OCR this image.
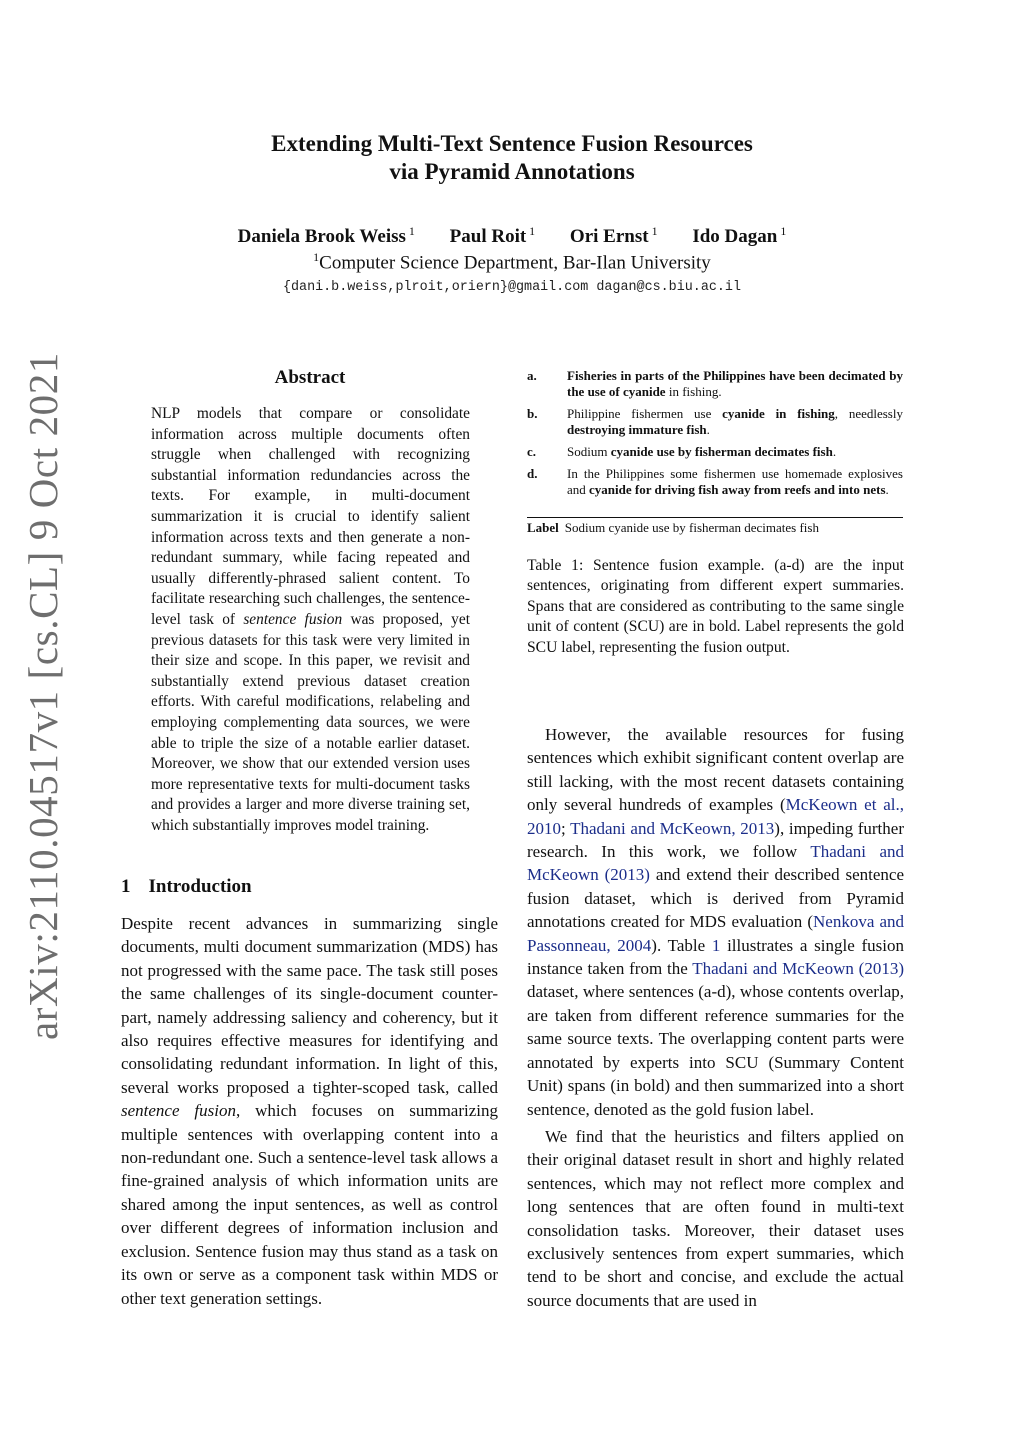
Extending Multi-Text Sentence Fusion Resources
via Pyramid Annotations
Daniela Brook Weiss $^1$ Paul Roit $^1$ Ori Ernst $^1$ Ido Dagan $^1$
$^1$Computer Science Department, Bar-Ilan University
{dani.b.weiss,plroit,oriern}@gmail.com dagan@cs.biu.ac.il
arXiv:2110.04517v1 [cs.CL] 9 Oct 2021	Abstract
NLP models that compare or consolidate information across multiple documents often struggle when challenged with recognizing substantial information redundancies across the texts. For example, in multi-document summarization it is crucial to identify salient information across texts and then generate a non-redundant summary, while facing repeated and usually differently-phrased salient content. To facilitate researching such challenges, the sentence-level task of sentence fusion was proposed, yet previous datasets for this task were very limited in their size and scope. In this paper, we revisit and substantially extend previous dataset creation efforts. With careful modifications, relabeling and employing complementing data sources, we were able to triple the size of a notable earlier dataset. Moreover, we show that our extended version uses more representative texts for multi-document tasks and provides a larger and more diverse training set, which substantially improves model training.
1 Introduction
Despite recent advances in summarizing single documents, multi document summarization (MDS) has not progressed with the same pace. The task still poses the same challenges of its single-document counter-part, namely addressing saliency and coherency, but it also requires effective measures for identifying and consolidating redundant information. In light of this, several works proposed a tighter-scoped task, called sentence fusion, which focuses on summarizing multiple sentences with overlapping content into a non-redundant one. Such a sentence-level task allows a fine-grained analysis of which information units are shared among the input sentences, as well as control over different degrees of information inclusion and exclusion. Sentence fusion may thus stand as a task on its own or serve as a component task within MDS or other text generation settings.
a. Fisheries in parts of the Philippines have been decimated by the use of cyanide in fishing.
b. Philippine fishermen use cyanide in fishing, needlessly destroying immature fish.
c. Sodium cyanide use by fisherman decimates fish.
d. In the Philippines some fishermen use homemade explosives and cyanide for driving fish away from reefs and into nets.
Label Sodium cyanide use by fisherman decimates fish
Table 1: Sentence fusion example. (a-d) are the input sentences, originating from different expert summaries. Spans that are considered as contributing to the same single unit of content (SCU) are in bold. Label represents the gold SCU label, representing the fusion output.

However, the available resources for fusing sentences which exhibit significant content overlap are still lacking, with the most recent datasets containing only several hundreds of examples (McKeown et al., 2010; Thadani and McKeown, 2013), impeding further research. In this work, we follow Thadani and McKeown (2013) and extend their described sentence fusion dataset, which is derived from Pyramid annotations created for MDS evaluation (Nenkova and Passonneau, 2004). Table 1 illustrates a single fusion instance taken from the Thadani and McKeown (2013) dataset, where sentences (a-d), whose contents overlap, are taken from different reference summaries for the same source texts. The overlapping content parts were annotated by experts into SCU (Summary Content Unit) spans (in bold) and then summarized into a short sentence, denoted as the gold fusion label.

We find that the heuristics and filters applied on their original dataset result in short and highly related sentences, which may not reflect more complex and long sentences that are often found in multi-text consolidation tasks. Moreover, their dataset uses exclusively sentences from expert summaries, which tend to be short and concise, and exclude the actual source documents that are used in
